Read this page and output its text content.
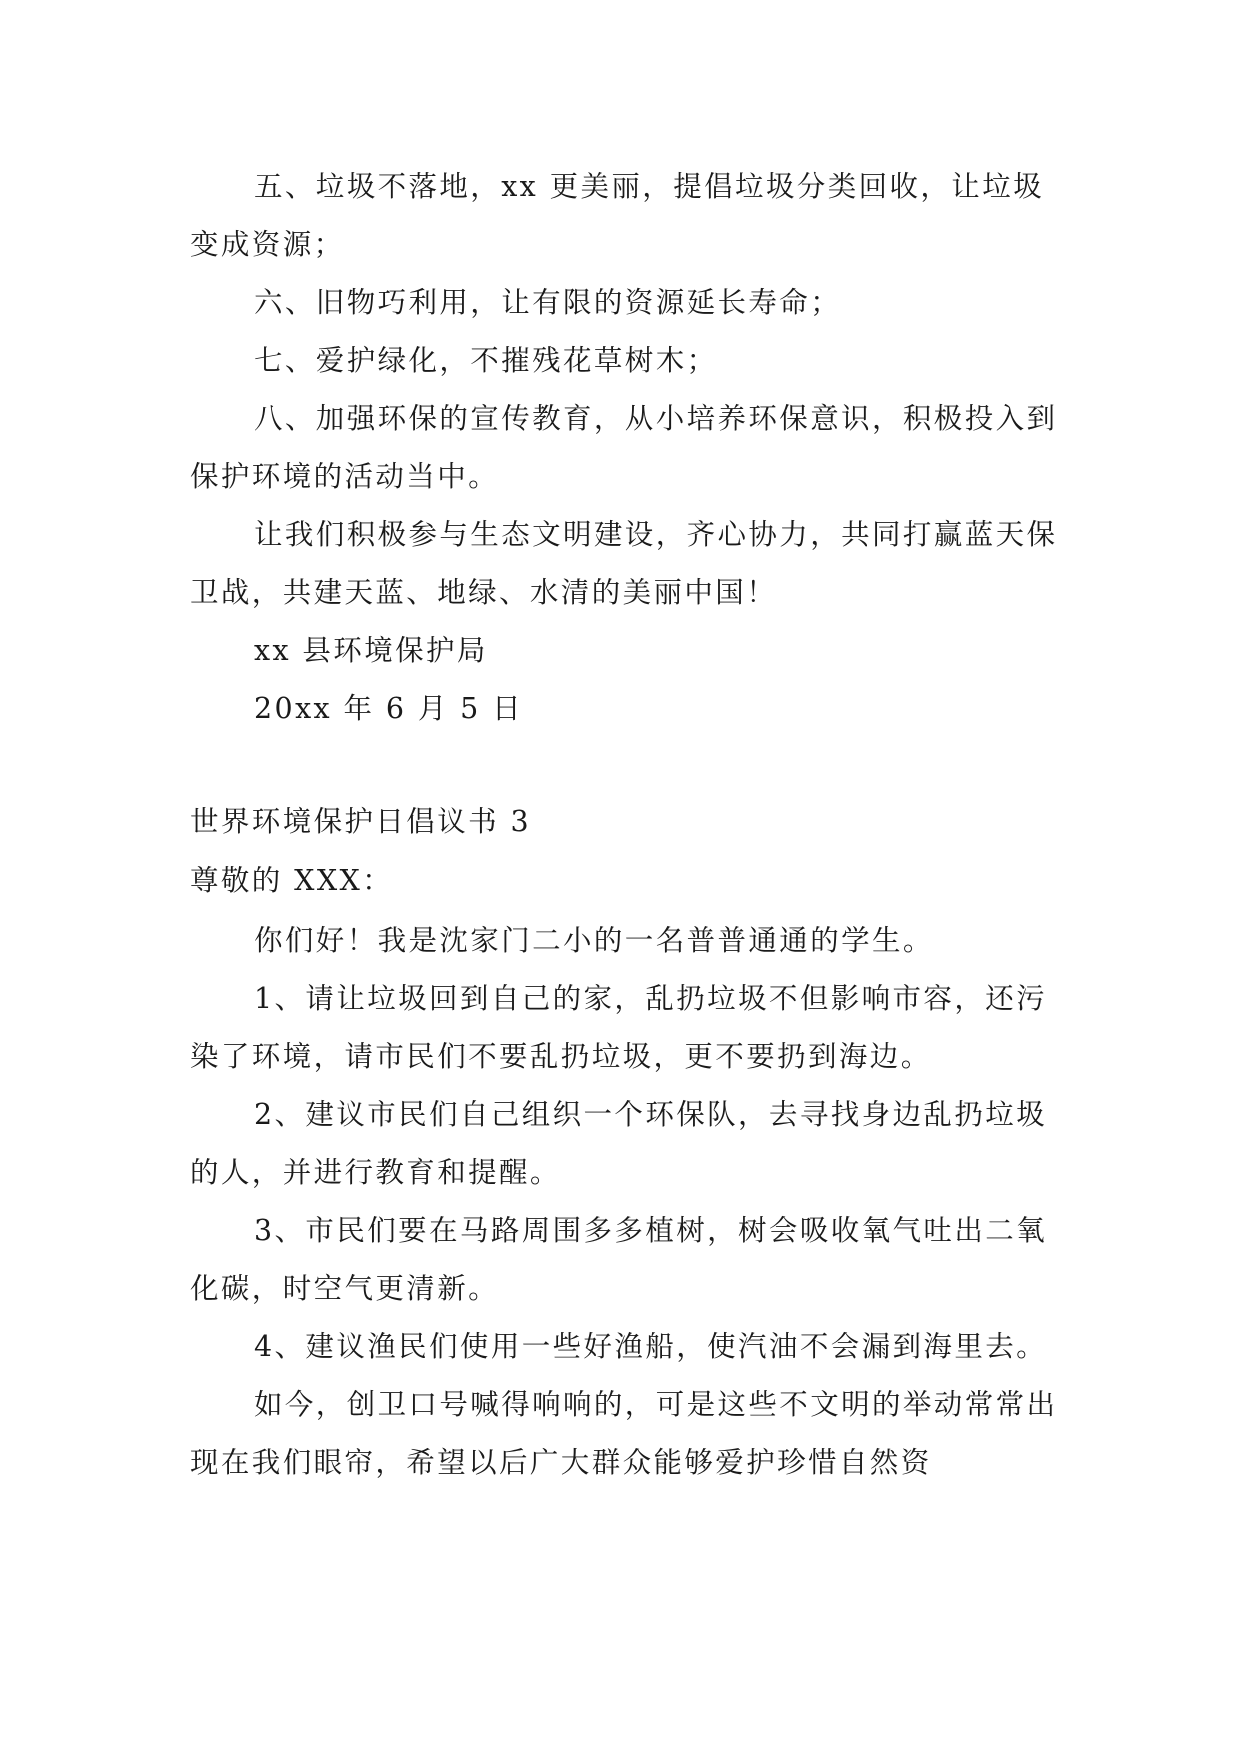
五、垃圾不落地，xx 更美丽，提倡垃圾分类回收，让垃圾变成资源；

六、旧物巧利用，让有限的资源延长寿命；

七、爱护绿化，不摧残花草树木；

八、加强环保的宣传教育，从小培养环保意识，积极投入到保护环境的活动当中。

让我们积极参与生态文明建设，齐心协力，共同打赢蓝天保卫战，共建天蓝、地绿、水清的美丽中国！

xx 县环境保护局

20xx 年 6 月 5 日

世界环境保护日倡议书 3

尊敬的 XXX：

你们好！我是沈家门二小的一名普普通通的学生。

1、请让垃圾回到自己的家，乱扔垃圾不但影响市容，还污染了环境，请市民们不要乱扔垃圾，更不要扔到海边。

2、建议市民们自己组织一个环保队，去寻找身边乱扔垃圾的人，并进行教育和提醒。

3、市民们要在马路周围多多植树，树会吸收氧气吐出二氧化碳，时空气更清新。

4、建议渔民们使用一些好渔船，使汽油不会漏到海里去。

如今，创卫口号喊得响响的，可是这些不文明的举动常常出现在我们眼帘，希望以后广大群众能够爱护珍惜自然资
